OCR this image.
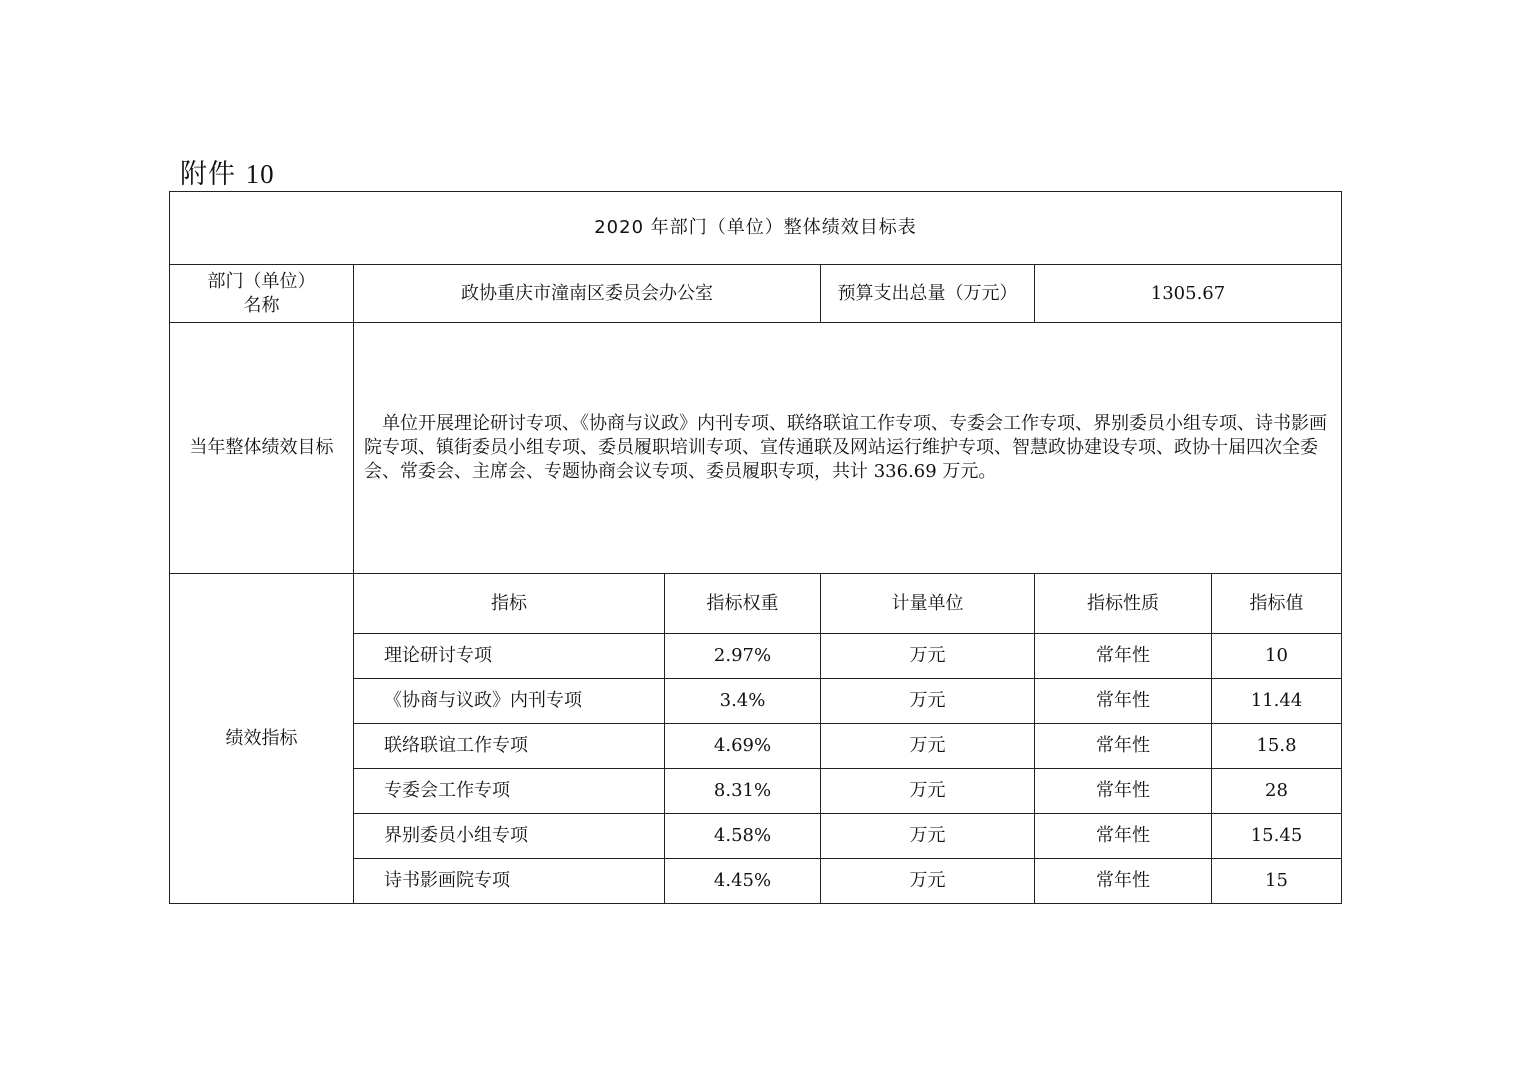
附件 10
2020 年部门（单位）整体绩效目标表					

部门（单位）
名称	政协重庆市潼南区委员会办公室		预算支出总量（万元）	1305.67	
当年整体绩效目标	单位开展理论研讨专项、《协商与议政》内刊专项、联络联谊工作专项、专委会工作专项、界别委员小组专项、诗书影画院专项、镇街委员小组专项、委员履职培训专项、宣传通联及网站运行维护专项、智慧政协建设专项、政协十届四次全委会、常委会、主席会、专题协商会议专项、委员履职专项，共计 336.69 万元。				
绩效指标	指标	指标权重	计量单位	指标性质	指标值
	理论研讨专项	2.97%	万元	常年性	10
	《协商与议政》内刊专项	3.4%	万元	常年性	11.44
	联络联谊工作专项	4.69%	万元	常年性	15.8
	专委会工作专项	8.31%	万元	常年性	28
	界别委员小组专项	4.58%	万元	常年性	15.45
	诗书影画院专项	4.45%	万元	常年性	15
